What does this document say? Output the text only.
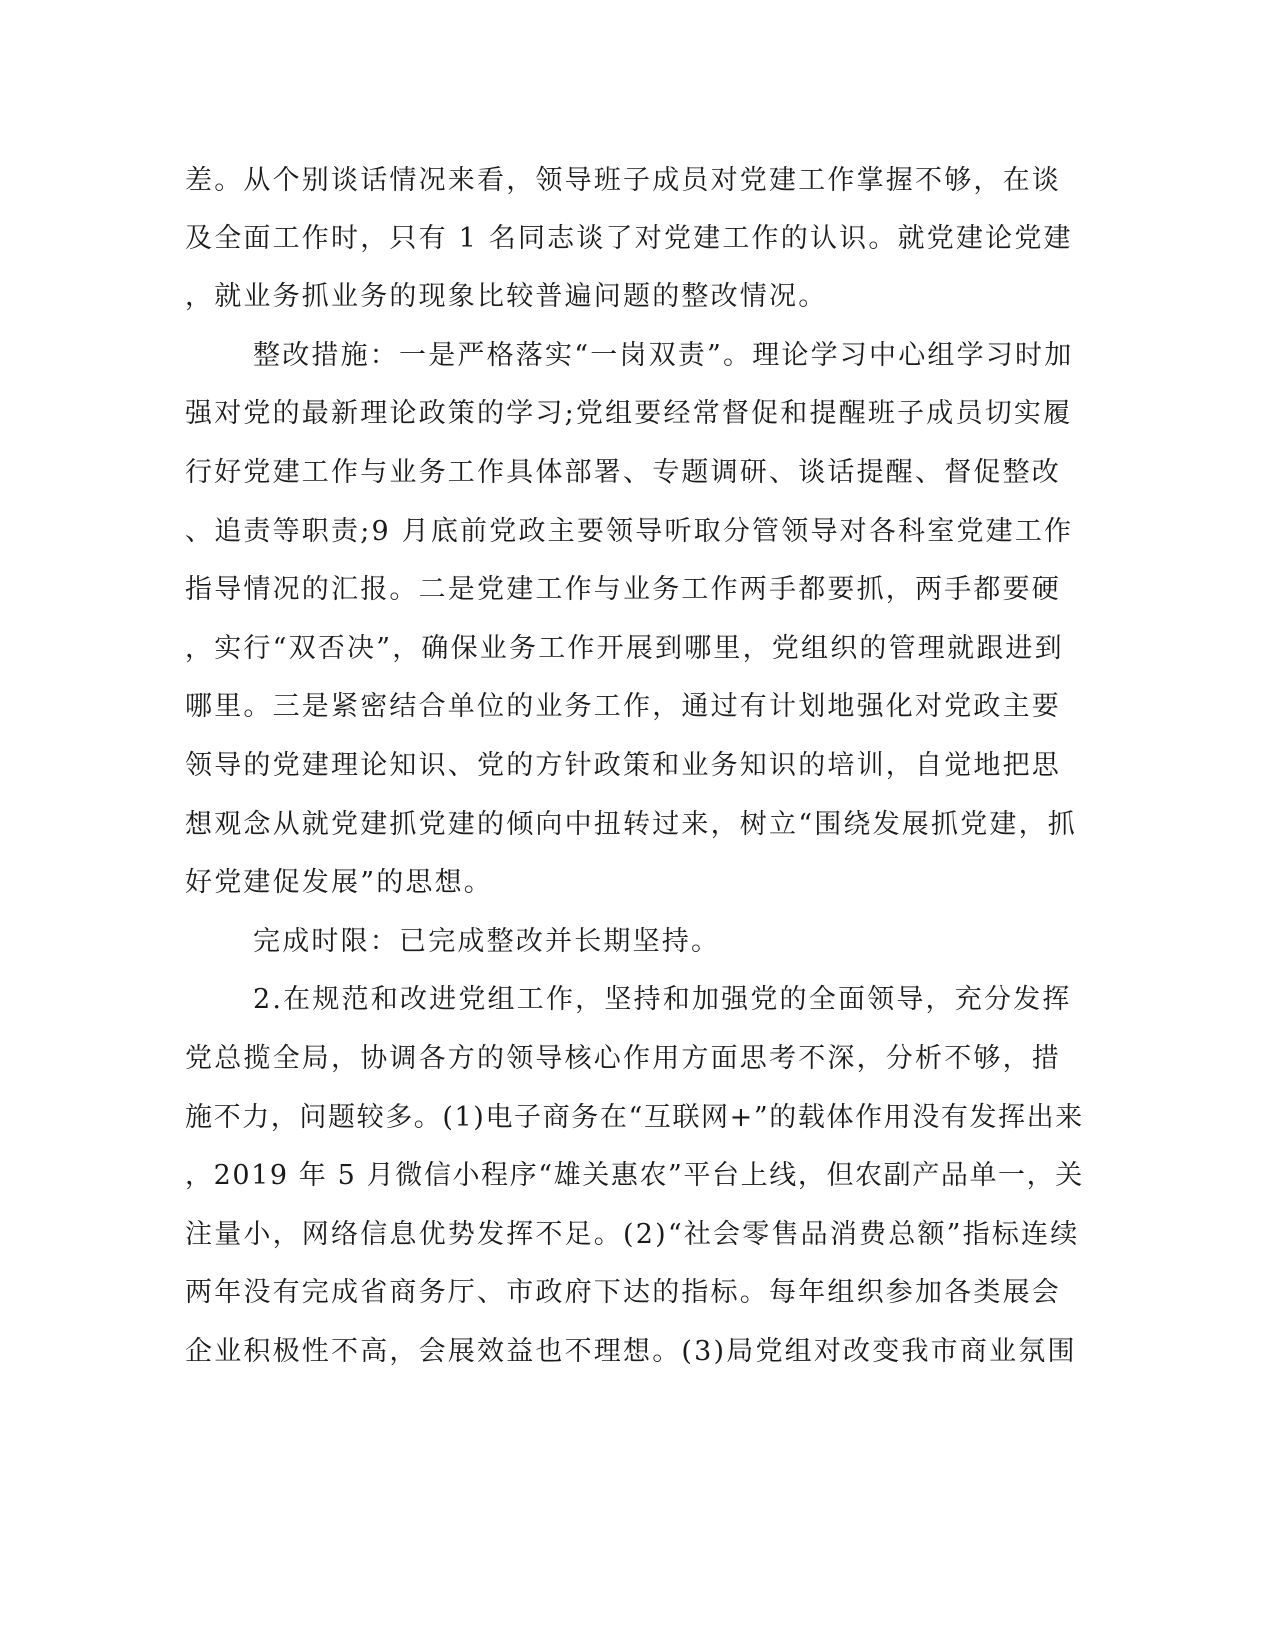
差。从个别谈话情况来看，领导班子成员对党建工作掌握不够，在谈
及全面工作时，只有 1 名同志谈了对党建工作的认识。就党建论党建
，就业务抓业务的现象比较普遍问题的整改情况。
整改措施：一是严格落实“一岗双责”。理论学习中心组学习时加
强对党的最新理论政策的学习;党组要经常督促和提醒班子成员切实履
行好党建工作与业务工作具体部署、专题调研、谈话提醒、督促整改
、追责等职责;9 月底前党政主要领导听取分管领导对各科室党建工作
指导情况的汇报。二是党建工作与业务工作两手都要抓，两手都要硬
，实行“双否决”，确保业务工作开展到哪里，党组织的管理就跟进到
哪里。三是紧密结合单位的业务工作，通过有计划地强化对党政主要
领导的党建理论知识、党的方针政策和业务知识的培训，自觉地把思
想观念从就党建抓党建的倾向中扭转过来，树立“围绕发展抓党建，抓
好党建促发展”的思想。
完成时限：已完成整改并长期坚持。
2.在规范和改进党组工作，坚持和加强党的全面领导，充分发挥
党总揽全局，协调各方的领导核心作用方面思考不深，分析不够，措
施不力，问题较多。(1)电子商务在“互联网+”的载体作用没有发挥出来
，2019 年 5 月微信小程序“雄关惠农”平台上线，但农副产品单一，关
注量小，网络信息优势发挥不足。(2)“社会零售品消费总额”指标连续
两年没有完成省商务厅、市政府下达的指标。每年组织参加各类展会
企业积极性不高，会展效益也不理想。(3)局党组对改变我市商业氛围
